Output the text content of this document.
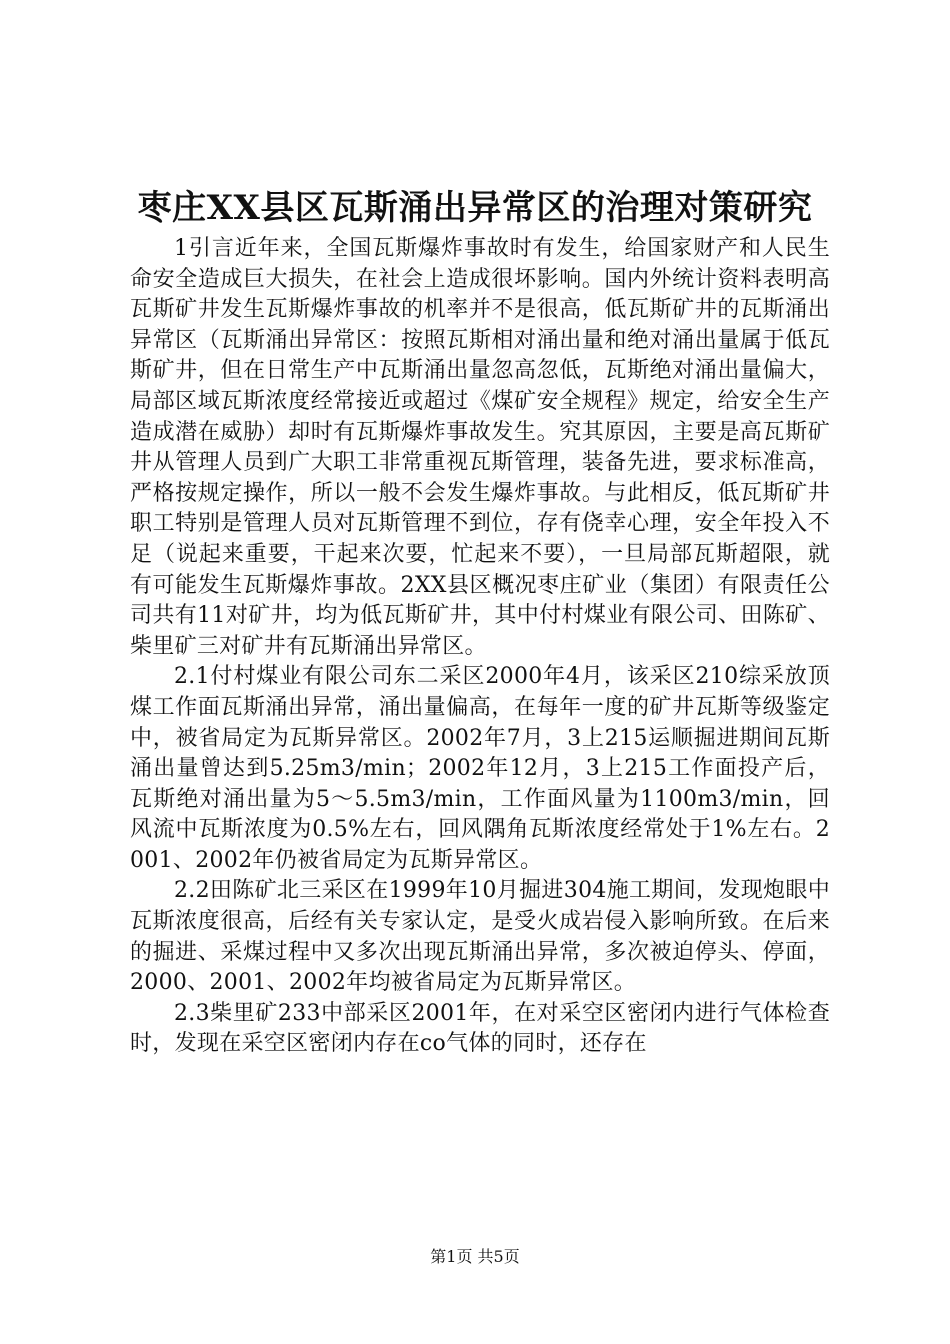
枣庄XX县区瓦斯涌出异常区的治理对策研究

1引言近年来，全国瓦斯爆炸事故时有发生，给国家财产和人民生命安全造成巨大损失，在社会上造成很坏影响。国内外统计资料表明高瓦斯矿井发生瓦斯爆炸事故的机率并不是很高，低瓦斯矿井的瓦斯涌出异常区（瓦斯涌出异常区：按照瓦斯相对涌出量和绝对涌出量属于低瓦斯矿井，但在日常生产中瓦斯涌出量忽高忽低，瓦斯绝对涌出量偏大，局部区域瓦斯浓度经常接近或超过《煤矿安全规程》规定，给安全生产造成潜在威胁）却时有瓦斯爆炸事故发生。究其原因，主要是高瓦斯矿井从管理人员到广大职工非常重视瓦斯管理，装备先进，要求标准高，严格按规定操作，所以一般不会发生爆炸事故。与此相反，低瓦斯矿井职工特别是管理人员对瓦斯管理不到位，存有侥幸心理，安全年投入不足（说起来重要，干起来次要，忙起来不要），一旦局部瓦斯超限，就有可能发生瓦斯爆炸事故。2XX县区概况枣庄矿业（集团）有限责任公司共有11对矿井，均为低瓦斯矿井，其中付村煤业有限公司、田陈矿、柴里矿三对矿井有瓦斯涌出异常区。

2.1付村煤业有限公司东二采区2000年4月，该采区210综采放顶煤工作面瓦斯涌出异常，涌出量偏高，在每年一度的矿井瓦斯等级鉴定中，被省局定为瓦斯异常区。2002年7月，3上215运顺掘进期间瓦斯涌出量曾达到5.25m3/min；2002年12月，3上215工作面投产后，瓦斯绝对涌出量为5～5.5m3/min，工作面风量为1100m3/min，回风流中瓦斯浓度为0.5%左右，回风隅角瓦斯浓度经常处于1%左右。2001、2002年仍被省局定为瓦斯异常区。

2.2田陈矿北三采区在1999年10月掘进304施工期间，发现炮眼中瓦斯浓度很高，后经有关专家认定，是受火成岩侵入影响所致。在后来的掘进、采煤过程中又多次出现瓦斯涌出异常，多次被迫停头、停面，2000、2001、2002年均被省局定为瓦斯异常区。

2.3柴里矿233中部采区2001年，在对采空区密闭内进行气体检查时，发现在采空区密闭内存在co气体的同时，还存在

第1页 共5页
